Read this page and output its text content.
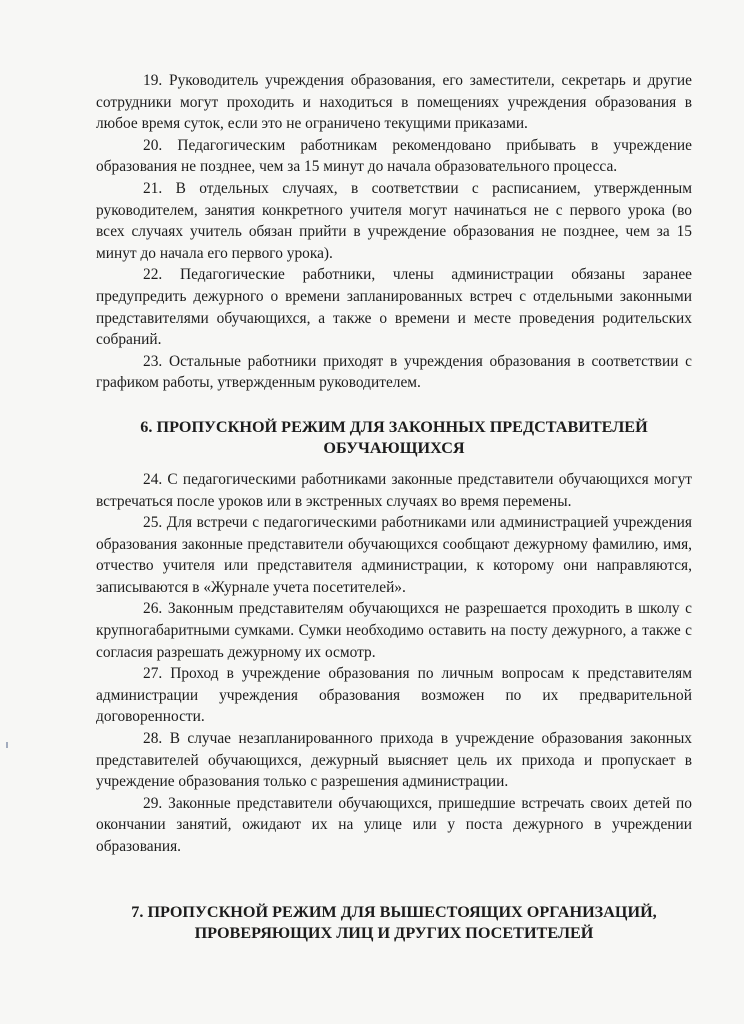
19. Руководитель учреждения образования, его заместители, секретарь и другие сотрудники могут проходить и находиться в помещениях учреждения образования в любое время суток, если это не ограничено текущими приказами.

20. Педагогическим работникам рекомендовано прибывать в учреждение образования не позднее, чем за 15 минут до начала образовательного процесса.

21. В отдельных случаях, в соответствии с расписанием, утвержденным руководителем, занятия конкретного учителя могут начинаться не с первого урока (во всех случаях учитель обязан прийти в учреждение образования не позднее, чем за 15 минут до начала его первого урока).

22. Педагогические работники, члены администрации обязаны заранее предупредить дежурного о времени запланированных встреч с отдельными законными представителями обучающихся, а также о времени и месте проведения родительских собраний.

23. Остальные работники приходят в учреждения образования в соответствии с графиком работы, утвержденным руководителем.

6. ПРОПУСКНОЙ РЕЖИМ ДЛЯ ЗАКОННЫХ ПРЕДСТАВИТЕЛЕЙ
ОБУЧАЮЩИХСЯ

24. С педагогическими работниками законные представители обучающихся могут встречаться после уроков или в экстренных случаях во время перемены.

25. Для встречи с педагогическими работниками или администрацией учреждения образования законные представители обучающихся сообщают дежурному фамилию, имя, отчество учителя или представителя администрации, к которому они направляются, записываются в «Журнале учета посетителей».

26. Законным представителям обучающихся не разрешается проходить в школу с крупногабаритными сумками. Сумки необходимо оставить на посту дежурного, а также с согласия разрешать дежурному их осмотр.

27. Проход в учреждение образования по личным вопросам к представителям администрации учреждения образования возможен по их предварительной договоренности.

28. В случае незапланированного прихода в учреждение образования законных представителей обучающихся, дежурный выясняет цель их прихода и пропускает в учреждение образования только с разрешения администрации.

29. Законные представители обучающихся, пришедшие встречать своих детей по окончании занятий, ожидают их на улице или у поста дежурного в учреждении образования.

7. ПРОПУСКНОЙ РЕЖИМ ДЛЯ ВЫШЕСТОЯЩИХ ОРГАНИЗАЦИЙ,
ПРОВЕРЯЮЩИХ ЛИЦ И ДРУГИХ ПОСЕТИТЕЛЕЙ
